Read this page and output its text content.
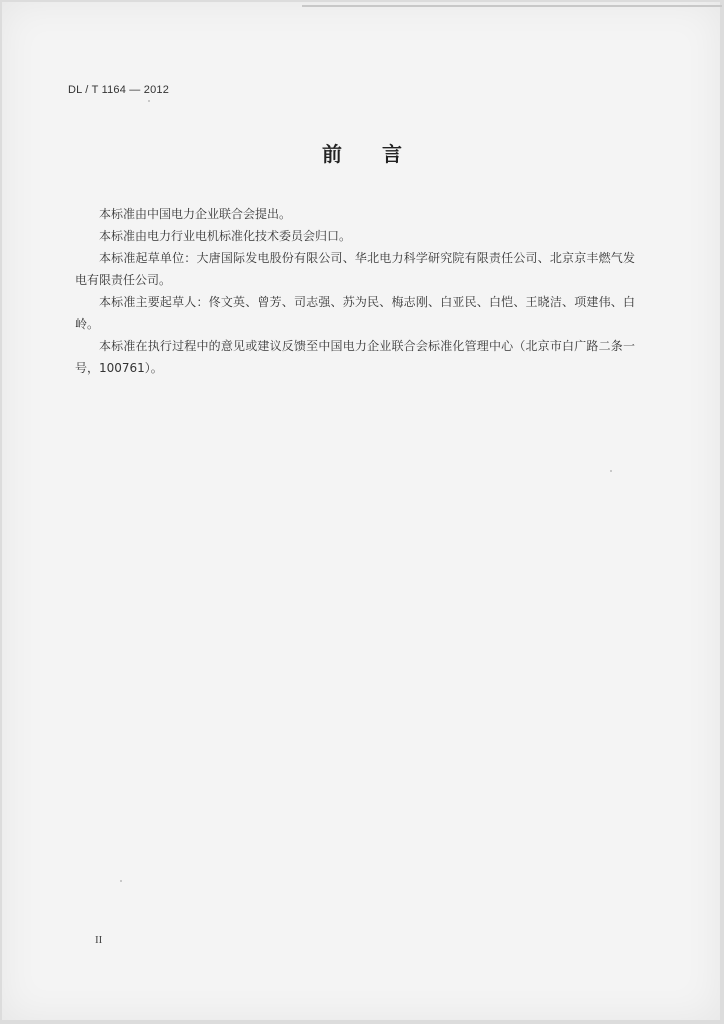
DL / T 1164 — 2012
前言

本标准由中国电力企业联合会提出。

本标准由电力行业电机标准化技术委员会归口。

本标准起草单位：大唐国际发电股份有限公司、华北电力科学研究院有限责任公司、北京京丰燃气发电有限责任公司。

本标准主要起草人：佟文英、曾芳、司志强、苏为民、梅志刚、白亚民、白恺、王晓洁、项建伟、白岭。

本标准在执行过程中的意见或建议反馈至中国电力企业联合会标准化管理中心（北京市白广路二条一号，100761）。

II
